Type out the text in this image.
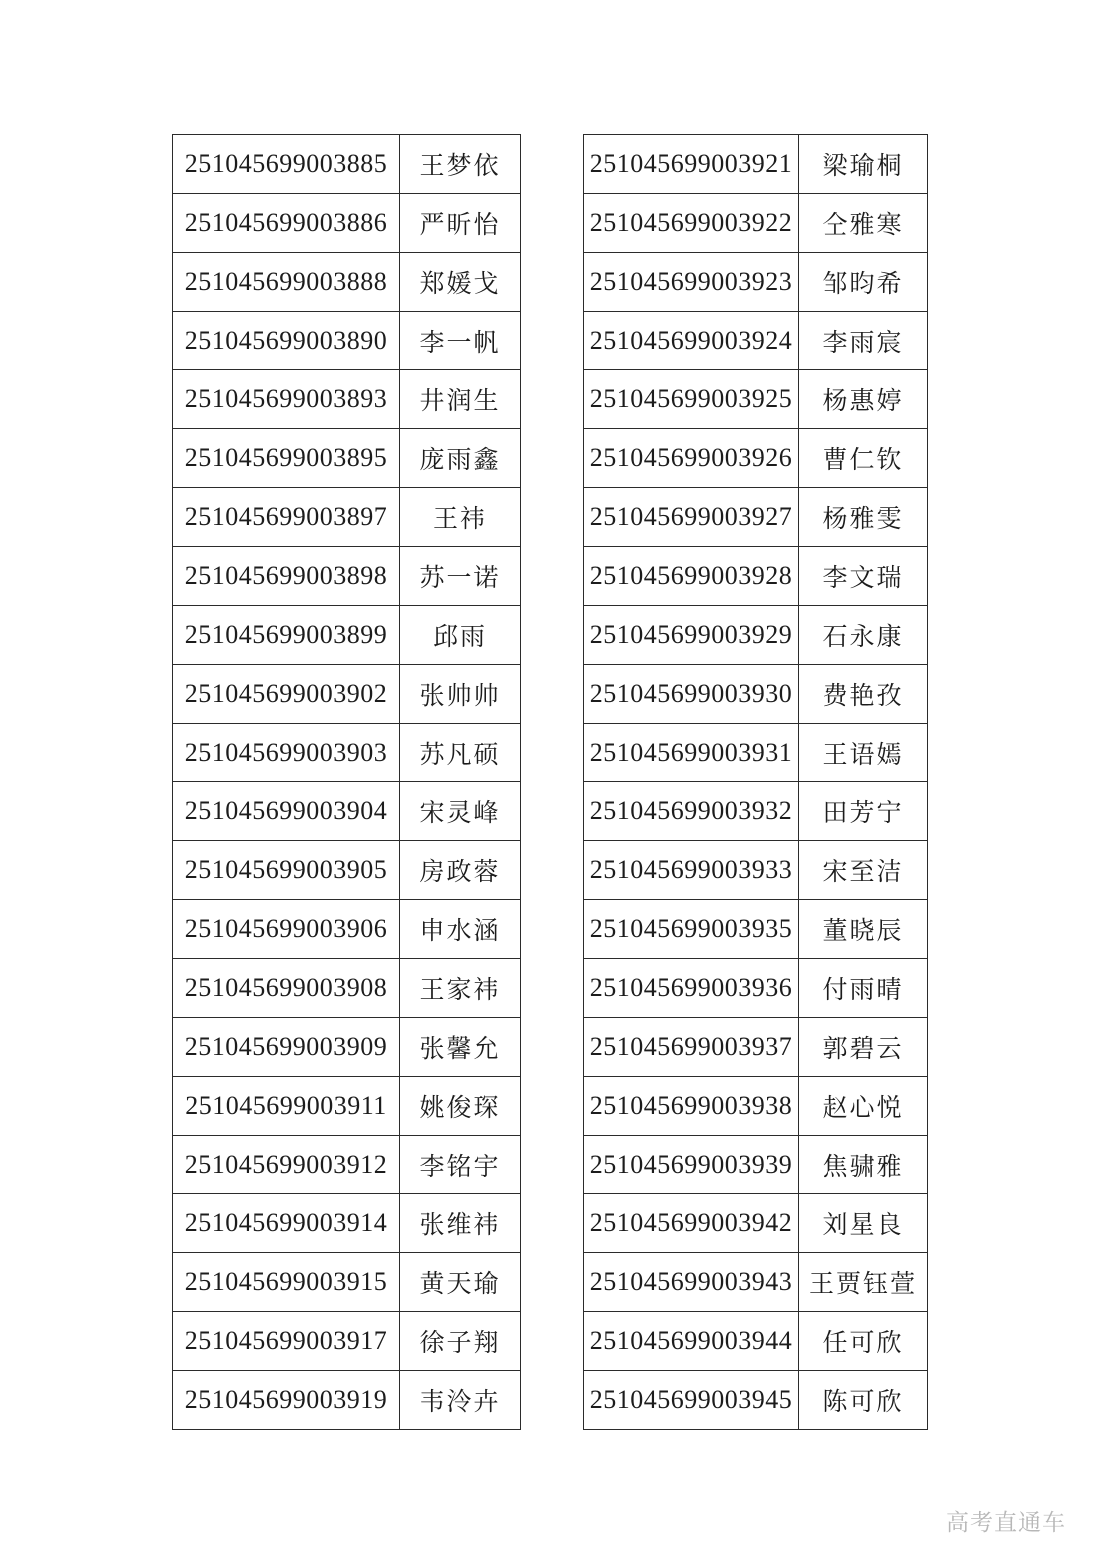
251045699003885	王梦依
251045699003886	严昕怡
251045699003888	郑媛戈
251045699003890	李一帆
251045699003893	井润生
251045699003895	庞雨鑫
251045699003897	王祎
251045699003898	苏一诺
251045699003899	邱雨
251045699003902	张帅帅
251045699003903	苏凡硕
251045699003904	宋灵峰
251045699003905	房政蓉
251045699003906	申水涵
251045699003908	王家祎
251045699003909	张馨允
251045699003911	姚俊琛
251045699003912	李铭宇
251045699003914	张维祎
251045699003915	黄天瑜
251045699003917	徐子翔
251045699003919	韦泠卉
251045699003921	梁瑜桐
251045699003922	仝雅寒
251045699003923	邹昀希
251045699003924	李雨宸
251045699003925	杨惠婷
251045699003926	曹仁钦
251045699003927	杨雅雯
251045699003928	李文瑞
251045699003929	石永康
251045699003930	费艳孜
251045699003931	王语嫣
251045699003932	田芳宁
251045699003933	宋至洁
251045699003935	董晓辰
251045699003936	付雨晴
251045699003937	郭碧云
251045699003938	赵心悦
251045699003939	焦骕雅
251045699003942	刘星良
251045699003943	王贾钰萱
251045699003944	任可欣
251045699003945	陈可欣
高考直通车
